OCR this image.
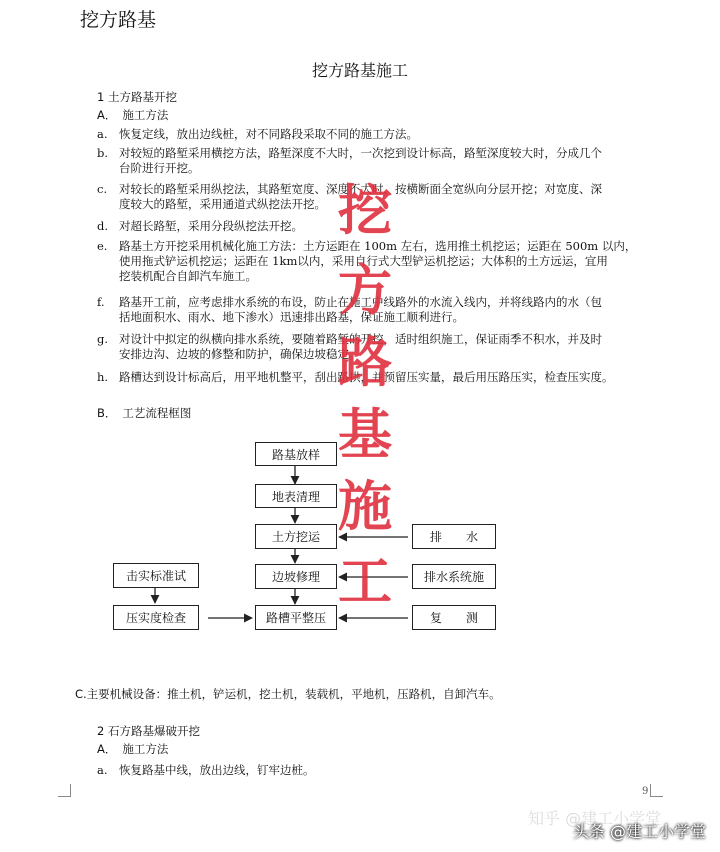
挖方路基
挖方路基施工
1 土方路基开挖
A． 施工方法
a. 恢复定线，放出边线桩，对不同路段采取不同的施工方法。
b. 对较短的路堑采用横挖方法，路堑深度不大时，一次挖到设计标高，路堑深度较大时，分成几个
台阶进行开挖。
c. 对较长的路堑采用纵挖法，其路堑宽度、深度不大时，按横断面全宽纵向分层开挖；对宽度、深
度较大的路堑，采用通道式纵挖法开挖。
d. 对超长路堑，采用分段纵挖法开挖。
e. 路基土方开挖采用机械化施工方法：土方运距在 100m 左右，选用推土机挖运；运距在 500m 以内，
使用拖式铲运机挖运；运距在 1km以内，采用自行式大型铲运机挖运；大体积的土方远运，宜用
挖装机配合自卸汽车施工。
f. 路基开工前，应考虑排水系统的布设，防止在施工中线路外的水流入线内，并将线路内的水（包
括地面积水、雨水、地下渗水）迅速排出路基，保证施工顺利进行。
g. 对设计中拟定的纵横向排水系统，要随着路堑的开挖，适时组织施工，保证雨季不积水，并及时
安排边沟、边坡的修整和防护，确保边坡稳定。
h. 路槽达到设计标高后，用平地机整平，刮出路拱，并预留压实量，最后用压路压实，检查压实度。
B． 工艺流程框图
路基放样
地表清理
土方挖运
边坡修理
路槽平整压
击实标准试
压实度检查
排　　水
排水系统施
复　　测
C.主要机械设备：推土机，铲运机，挖土机，装载机，平地机，压路机，自卸汽车。
2 石方路基爆破开挖
A． 施工方法
a. 恢复路基中线，放出边线，钉牢边桩。
9
挖
方
路
基
施
工
知乎 @建工小学堂
头条 @建工小学堂
